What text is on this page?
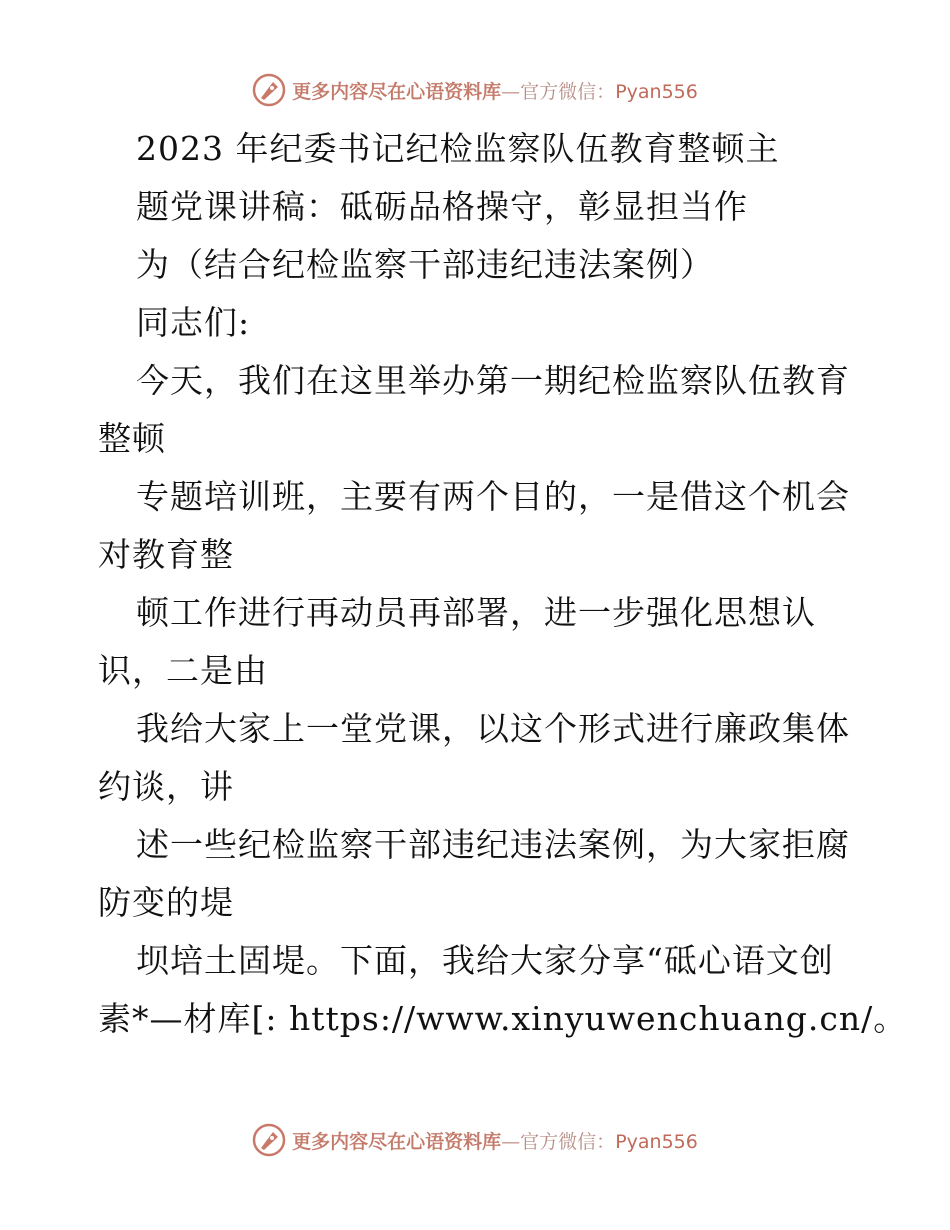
更多内容尽在心语资料库—官方微信：Pyan556
2023 年纪委书记纪检监察队伍教育整顿主
题党课讲稿：砥砺品格操守，彰显担当作
为（结合纪检监察干部违纪违法案例）
同志们:
今天，我们在这里举办第一期纪检监察队伍教育
整顿
专题培训班，主要有两个目的，一是借这个机会
对教育整
顿工作进行再动员再部署，进一步强化思想认
识，二是由
我给大家上一堂党课，以这个形式进行廉政集体
约谈，讲
述一些纪检监察干部违纪违法案例，为大家拒腐
防变的堤
坝培土固堤。下面，我给大家分享“砥心语文创
素*—材库[: https://www.xinyuwenchuang.cn/。
更多内容尽在心语资料库—官方微信：Pyan556
